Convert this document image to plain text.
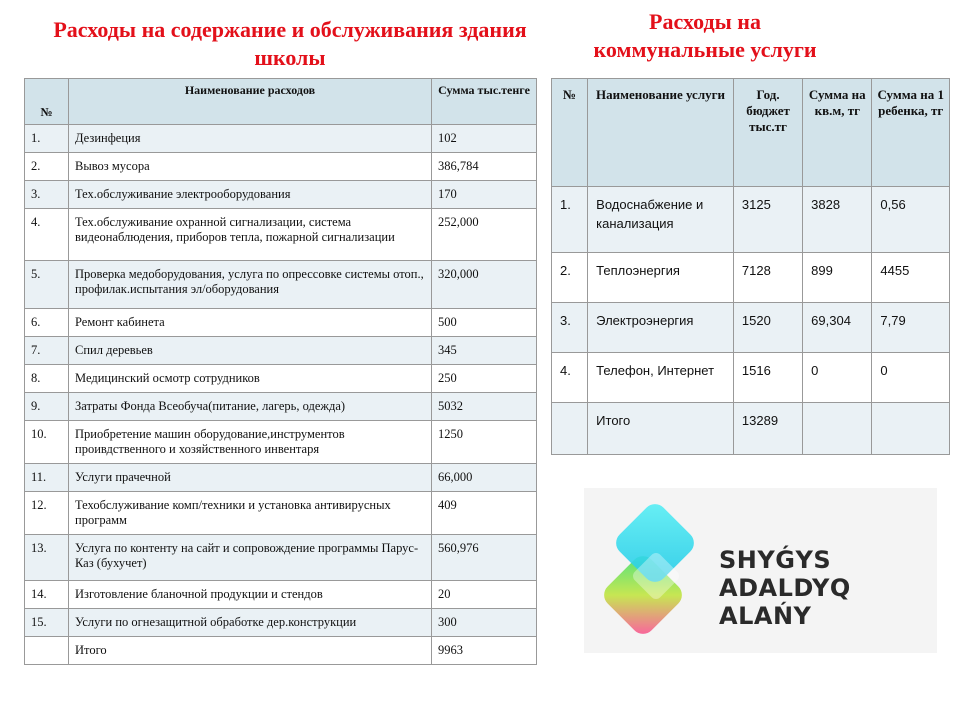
Расходы на содержание и обслуживания здания школы
Расходы на коммунальные услуги
№	Наименование расходов	Сумма тыс.тенге
1.	Дезинфеция	102
2.	Вывоз мусора	386,784
3.	Тех.обслуживание электрооборудования	170
4.	Тех.обслуживание охранной сигнализации, система видеонаблюдения, приборов тепла, пожарной сигнализации	252,000
5.	Проверка медоборудования, услуга по опрессовке системы отоп., профилак.испытания эл/оборудования	320,000
6.	Ремонт кабинета	500
7.	Спил деревьев	345
8.	Медицинский осмотр сотрудников	250
9.	Затраты Фонда Всеобуча(питание, лагерь, одежда)	5032
10.	Приобретение машин оборудование,инструментов проивдственного и хозяйственного инвентаря	1250
11.	Услуги прачечной	66,000
12.	Техобслуживание комп/техники и установка антивирусных программ	409
13.	Услуга по контенту на сайт и сопровождение программы Парус-Каз (бухучет)	560,976
14.	Изготовление бланочной продукции и стендов	20
15.	Услуги по огнезащитной обработке дер.конструкции	300
	Итого	9963
№	Наименование услуги	Год. бюджет тыс.тг	Сумма на кв.м, тг	Сумма на 1 ребенка, тг
1.	Водоснабжение и канализация	3125	3828	0,56
2.	Теплоэнергия	7128	899	4455
3.	Электроэнергия	1520	69,304	7,79
4.	Телефон, Интернет	1516	0	0
	Итого	13289		
SHYǴYS
ADALDYQ ALAŃY
